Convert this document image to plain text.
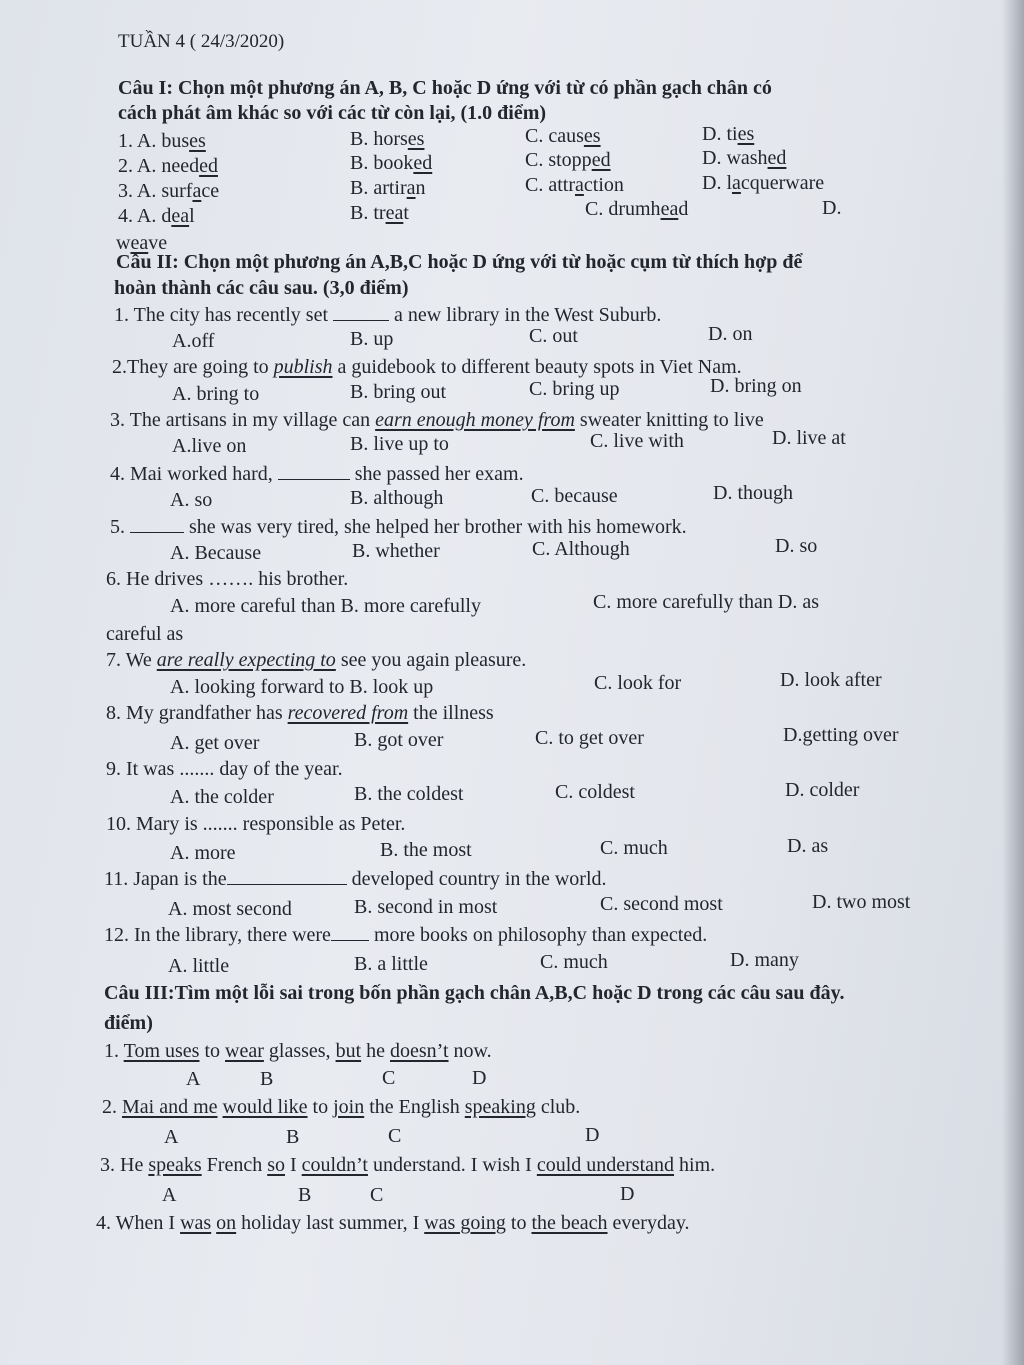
TUẦN 4 ( 24/3/2020)
Câu I: Chọn một phương án A, B, C hoặc D ứng với từ có phần gạch chân có
cách phát âm khác so với các từ còn lại, (1.0 điểm)
1. A. buses	B. horses	C. causes	D. ties
2. A. needed	B. booked	C. stopped	D. washed
3. A. surface	B. artiran	C. attraction	D. lacquerware
4. A. deal	B. treat	C. drumhead	D.
weave
Câu II: Chọn một phương án A,B,C hoặc D ứng với từ hoặc cụm từ thích hợp để
hoàn thành các câu sau. (3,0 điểm)
1. The city has recently set	a new library in the West Suburb.
A.off	B. up	C. out	D. on
2.They are going to publish a guidebook to different beauty spots in Viet Nam.
A. bring to	B. bring out	C. bring up	D. bring on
3. The artisans in my village can earn enough money from sweater knitting to live
A.live on	B. live up to	C. live with	D. live at
4. Mai worked hard,	she passed her exam.
A. so	B. although	C. because	D. though
5.	she was very tired, she helped her brother with his homework.
A. Because	B. whether	C. Although	D. so
6. He drives ……. his brother.
A. more careful than B. more carefully	C. more carefully than D. as
careful as
7. We are really expecting to see you again pleasure.
A. looking forward to B. look up	C. look for	D. look after
8. My grandfather has recovered from the illness
A. get over	B. got over	C. to get over	D.getting over
9. It was ....... day of the year.
A. the colder	B. the coldest	C. coldest	D. colder
10. Mary is ....... responsible as Peter.
A. more	B. the most	C. much	D. as
11. Japan is the	developed country in the world.
A. most second	B. second in most	C. second most	D. two most
12. In the library, there were more books on philosophy than expected.
A. little	B. a little	C. much	D. many
Câu III:Tìm một lỗi sai trong bốn phần gạch chân A,B,C hoặc D trong các câu sau đây.
điểm)
1. Tom uses to wear glasses, but he doesn’t now.
A	B	C	D
2. Mai and me would like to join the English speaking club.
A	B	C	D
3. He speaks French so I couldn’t understand. I wish I could understand him.
A	B	C	D
4. When I was on holiday last summer, I was going to the beach everyday.
